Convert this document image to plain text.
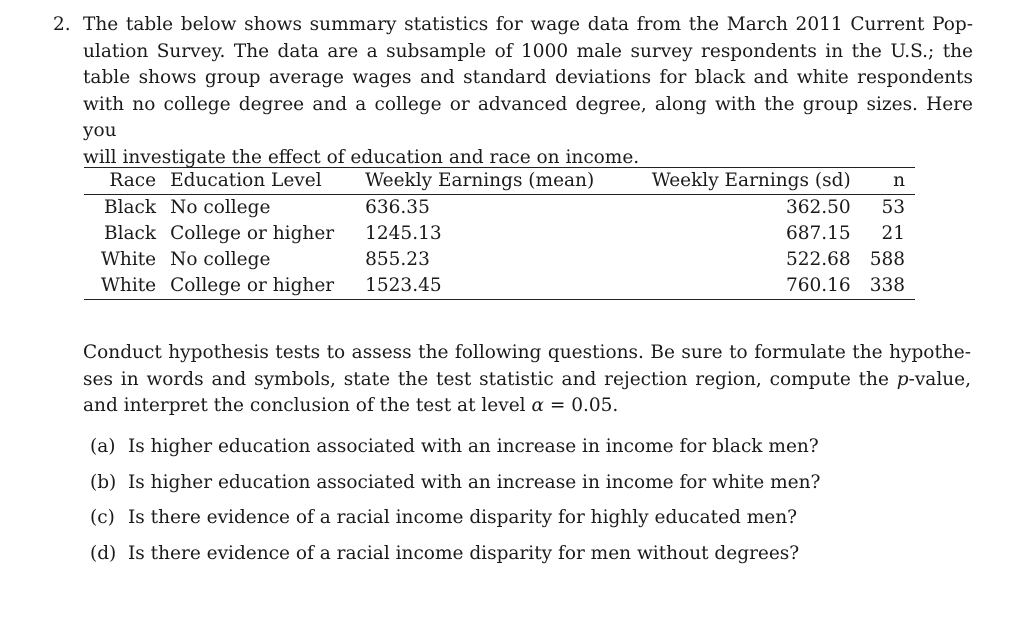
2. The table below shows summary statistics for wage data from the March 2011 Current Pop-
ulation Survey. The data are a subsample of 1000 male survey respondents in the U.S.; the
table shows group average wages and standard deviations for black and white respondents
with no college degree and a college or advanced degree, along with the group sizes. Here you
will investigate the effect of education and race on income.
Race	Education Level	Weekly Earnings (mean)	Weekly Earnings (sd)	n
Black	No college	636.35	362.50	53
Black	College or higher	1245.13	687.15	21
White	No college	855.23	522.68	588
White	College or higher	1523.45	760.16	338
Conduct hypothesis tests to assess the following questions. Be sure to formulate the hypothe-
ses in words and symbols, state the test statistic and rejection region, compute the p-value,
and interpret the conclusion of the test at level α = 0.05.
(a) Is higher education associated with an increase in income for black men?
(b) Is higher education associated with an increase in income for white men?
(c) Is there evidence of a racial income disparity for highly educated men?
(d) Is there evidence of a racial income disparity for men without degrees?
